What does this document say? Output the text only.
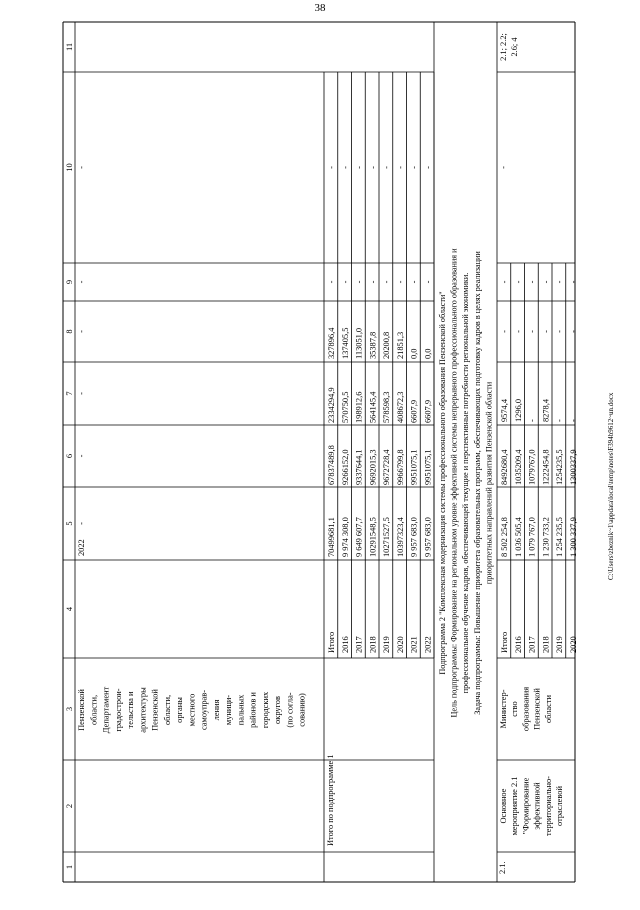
38
1
2
3
4
5
6
7
8
9
10
11
Пензенской области, Департамент градострои- тельства и архитектуры Пензенской области, органы местного самоуправ- ления муници- пальных районов и городских округов (по согла- сованию)
2022
-
-
-
-
-
-
Итого по подпрограмме 1
Итого
70499681,1
67837489,8
2334294,9
327896,4
-
-
2016
9 974 308,0
9266152,0
570750,5
137405,5
-
-
2017
9 649 607,7
9337644,1
198912,6
113051,0
-
-
2018
10291548,5
9692015,3
564145,4
35387,8
-
-
2019
10271527,5
9672728,4
578598,3
20200,8
-
-
2020
10397323,4
9966799,8
408672,3
21851,3
-
-
2021
9 957 683,0
9951075,1
6607,9
0,0
-
-
2022
9 957 683,0
9951075,1
6607,9
0,0
-
-
Подпрограмма 2 "Комплексная модернизация системы профессионального образования Пензенской области" Цель подпрограммы: Формирование на региональном уровне эффективной системы непрерывного профессионального образования и профессиональное обучение кадров, обеспечивающей текущие и перспективные потребности региональной экономики. Задача подпрограммы: Повышение приоритета образовательных программ, обеспечивающих подготовку кадров в целях реализации приоритетных направлений развития Пензенской области
2.1.
Основное мероприятие 2.1 "Формирование эффективной территориально- отраслевой
Министер- ство образования Пензенской области
Итого
8 502 254,8
8492680,4
9574,4
-
-
2016
1 036 505,4
1035209,4
1296,0
-
-
2017
1 079 767,0
1079767,0
-
-
-
2018
1 230 733,2
1222454,8
8278,4
-
-
2019
1 254 235,5
1254235,5
-
-
-
2020
1 300 337,9
1300337,9
-
-
-
-
2.1; 2.2; 2.6; 4
C:\Users\zbeznik~1\appdata\local\temp\notes\F394b9612~un.docx
